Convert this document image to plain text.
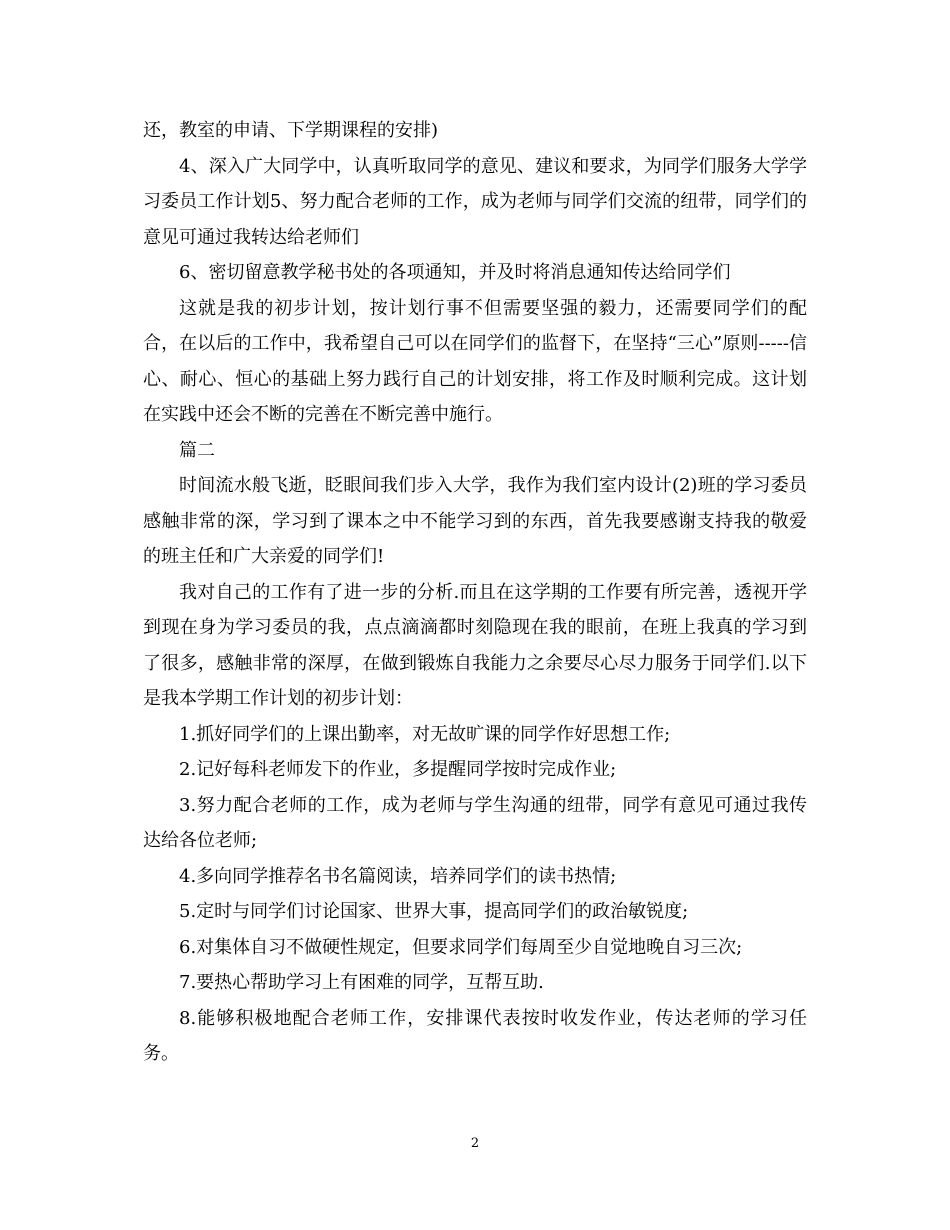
还，教室的申请、下学期课程的安排)

4、深入广大同学中，认真听取同学的意见、建议和要求，为同学们服务大学学习委员工作计划5、努力配合老师的工作，成为老师与同学们交流的纽带，同学们的意见可通过我转达给老师们

6、密切留意教学秘书处的各项通知，并及时将消息通知传达给同学们

这就是我的初步计划，按计划行事不但需要坚强的毅力，还需要同学们的配合，在以后的工作中，我希望自己可以在同学们的监督下，在坚持“三心”原则-----信心、耐心、恒心的基础上努力践行自己的计划安排，将工作及时顺利完成。这计划在实践中还会不断的完善在不断完善中施行。

篇二

时间流水般飞逝，眨眼间我们步入大学，我作为我们室内设计(2)班的学习委员感触非常的深，学习到了课本之中不能学习到的东西，首先我要感谢支持我的敬爱的班主任和广大亲爱的同学们!

我对自己的工作有了进一步的分析.而且在这学期的工作要有所完善，透视开学到现在身为学习委员的我，点点滴滴都时刻隐现在我的眼前，在班上我真的学习到了很多，感触非常的深厚，在做到锻炼自我能力之余要尽心尽力服务于同学们.以下是我本学期工作计划的初步计划：

1.抓好同学们的上课出勤率，对无故旷课的同学作好思想工作;

2.记好每科老师发下的作业，多提醒同学按时完成作业;

3.努力配合老师的工作，成为老师与学生沟通的纽带，同学有意见可通过我传达给各位老师;

4.多向同学推荐名书名篇阅读，培养同学们的读书热情;

5.定时与同学们讨论国家、世界大事，提高同学们的政治敏锐度;

6.对集体自习不做硬性规定，但要求同学们每周至少自觉地晚自习三次;

7.要热心帮助学习上有困难的同学，互帮互助.

8.能够积极地配合老师工作，安排课代表按时收发作业，传达老师的学习任务。

2
